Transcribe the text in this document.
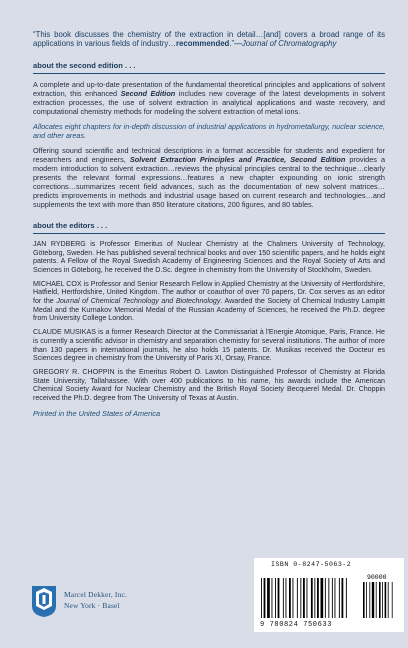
“This book discusses the chemistry of the extraction in detail…[and] covers a broad range of its applications in various fields of industry…recommended.”—Journal of Chromatography

about the second edition . . .

A complete and up-to-date presentation of the fundamental theoretical principles and applications of solvent extraction, this enhanced Second Edition includes new coverage of the latest developments in solvent extraction processes, the use of solvent extraction in analytical applications and waste recovery, and computational chemistry methods for modeling the solvent extraction of metal ions.

Allocates eight chapters for in-depth discussion of industrial applications in hydrometallurgy, nuclear science, and other areas.

Offering sound scientific and technical descriptions in a format accessible for students and expedient for researchers and engineers, Solvent Extraction Principles and Practice, Second Edition provides a modern introduction to solvent extraction…reviews the physical principles central to the technique…clearly presents the relevant formal expressions…features a new chapter expounding on ionic strength corrections…summarizes recent field advances, such as the documentation of new solvent matrices…predicts improvements in methods and industrial usage based on current research and technologies…and supplements the text with more than 850 literature citations, 200 figures, and 80 tables.

about the editors . . .

JAN RYDBERG is Professor Emeritus of Nuclear Chemistry at the Chalmers University of Technology, Göteborg, Sweden. He has published several technical books and over 150 scientific papers, and he holds eight patents. A Fellow of the Royal Swedish Academy of Engineering Sciences and the Royal Society of Arts and Sciences in Göteborg, he received the D.Sc. degree in chemistry from the University of Stockholm, Sweden.

MICHAEL COX is Professor and Senior Research Fellow in Applied Chemistry at the University of Hertfordshire, Hatfield, Hertfordshire, United Kingdom. The author or coauthor of over 70 papers, Dr. Cox serves as an editor for the Journal of Chemical Technology and Biotechnology. Awarded the Society of Chemical Industry Lampitt Medal and the Kurnakov Memorial Medal of the Russian Academy of Sciences, he received the Ph.D. degree from University College London.

CLAUDE MUSIKAS is a former Research Director at the Commissariat à l'Energie Atomique, Paris, France. He is currently a scientific advisor in chemistry and separation chemistry for several institutions. The author of more than 130 papers in international journals, he also holds 15 patents. Dr. Musikas received the Docteur es Sciences degree in chemistry from the University of Paris XI, Orsay, France.

GREGORY R. CHOPPIN is the Emeritus Robert O. Lawton Distinguished Professor of Chemistry at Florida State University, Tallahassee. With over 400 publications to his name, his awards include the American Chemical Society Award for Nuclear Chemistry and the British Royal Society Becquerel Medal. Dr. Choppin received the Ph.D. degree from The University of Texas at Austin.

Printed in the United States of America
Marcel Dekker, Inc.
New York · Basel
ISBN 0-8247-5063-2
90000
9 780824 750633
